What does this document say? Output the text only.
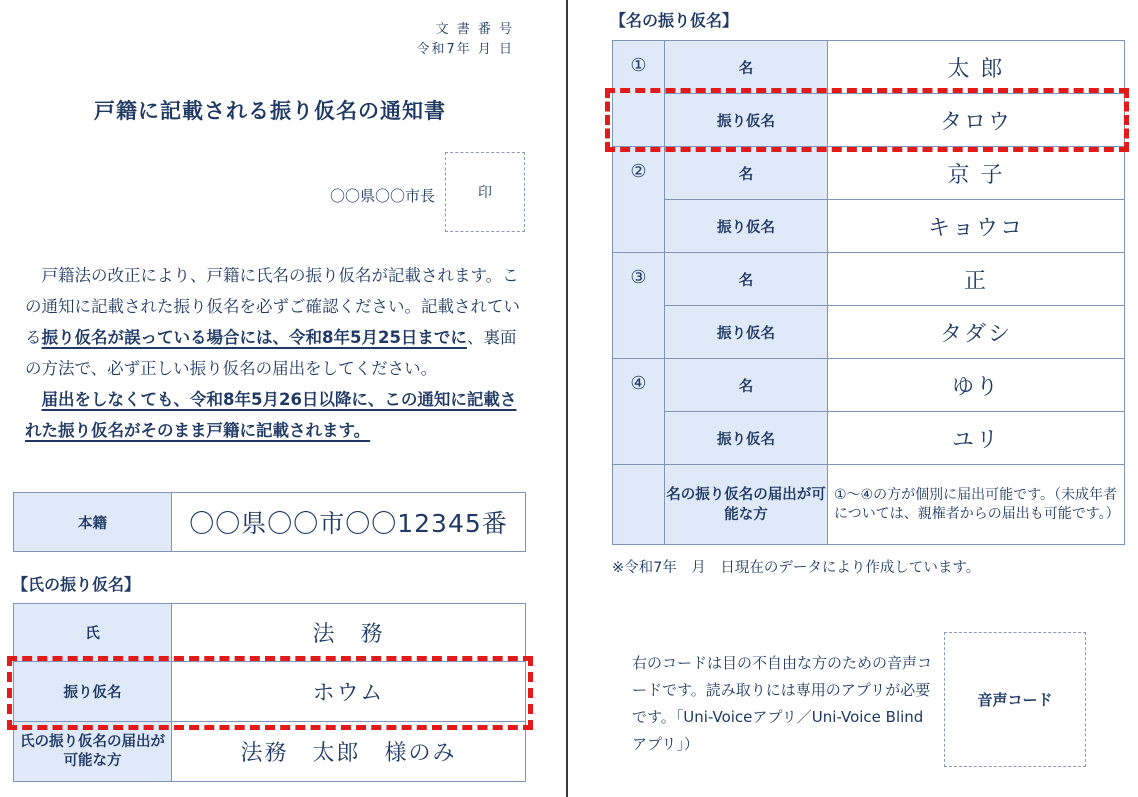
文 書 番 号
令和7年 月 日
戸籍に記載される振り仮名の通知書
〇〇県〇〇市長	印

　戸籍法の改正により、戸籍に氏名の振り仮名が記載されます。この通知に記載された振り仮名を必ずご確認ください。記載されている振り仮名が誤っている場合には、令和8年5月25日までに、裏面の方法で、必ず正しい振り仮名の届出をしてください。

　届出をしなくても、令和8年5月26日以降に、この通知に記載された振り仮名がそのまま戸籍に記載されます。

本籍	〇〇県〇〇市〇〇12345番
【氏の振り仮名】
氏	法　務
振り仮名	ホウム
氏の振り仮名の届出が可能な方	法務　太郎　様のみ
【名の振り仮名】
①	名	太 郎
	振り仮名	タロウ
②	名	京 子
	振り仮名	キョウコ
③	名	正
	振り仮名	タダシ
④	名	ゆり
	振り仮名	ユリ
	名の振り仮名の届出が可能な方	①～④の方が個別に届出可能です。（未成年者については、親権者からの届出も可能です。）
※令和7年　月　日現在のデータにより作成しています。
右のコードは目の不自由な方のための音声コードです。読み取りには専用のアプリが必要です。「Uni-Voiceアプリ／Uni-Voice Blindアプリ」）
音声コード
